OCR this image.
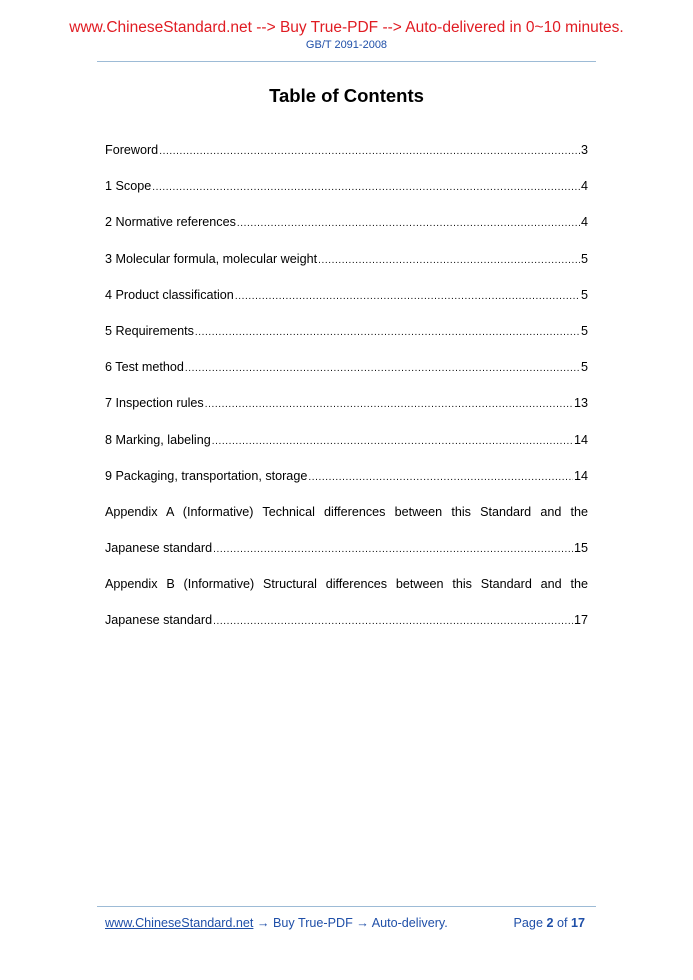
www.ChineseStandard.net --> Buy True-PDF --> Auto-delivered in 0~10 minutes.
GB/T 2091-2008
Table of Contents
Foreword .....	3
1 Scope .....	4
2 Normative references .....	4
3 Molecular formula, molecular weight .....	5
4 Product classification .....	5
5 Requirements .....	5
6 Test method .....	5
7 Inspection rules .....	13
8 Marking, labeling .....	14
9 Packaging, transportation, storage .....	14
Appendix A (Informative) Technical differences between this Standard and the
Japanese standard .....	15
Appendix B (Informative) Structural differences between this Standard and the
Japanese standard .....	17
www.ChineseStandard.net → Buy True-PDF → Auto-delivery.	Page 2 of 17
